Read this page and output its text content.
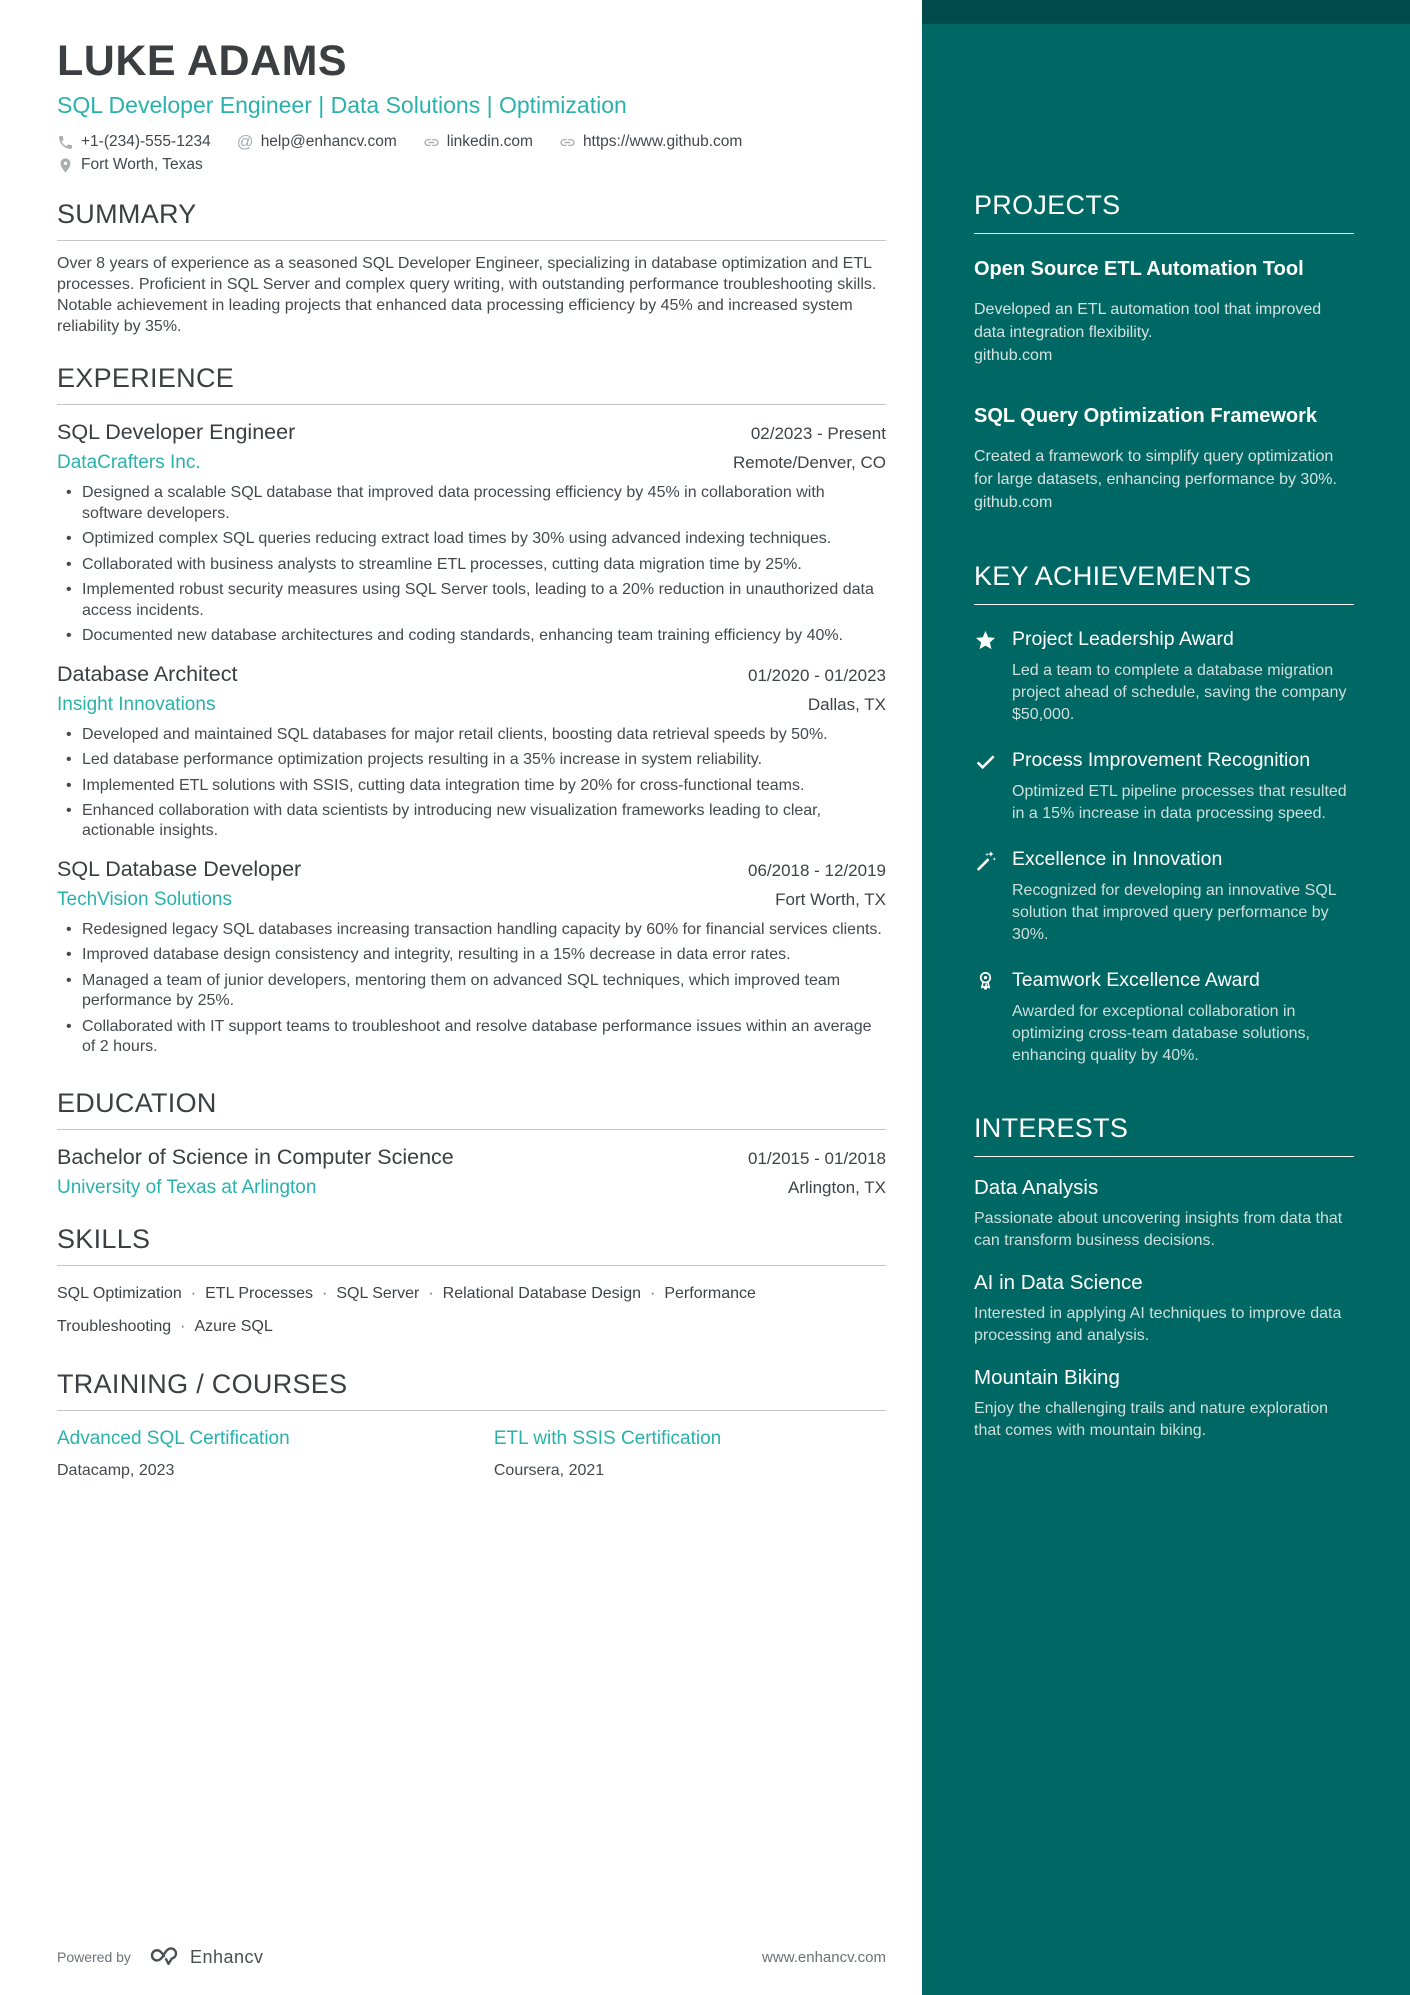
LUKE ADAMS
SQL Developer Engineer | Data Solutions | Optimization
+1-(234)-555-1234 @ help@enhancv.com	linkedin.com	https://www.github.com
Fort Worth, Texas
SUMMARY
Over 8 years of experience as a seasoned SQL Developer Engineer, specializing in database optimization and ETL processes. Proficient in SQL Server and complex query writing, with outstanding performance troubleshooting skills. Notable achievement in leading projects that enhanced data processing efficiency by 45% and increased system reliability by 35%.
EXPERIENCE
SQL Developer Engineer	02/2023 - Present
DataCrafters Inc.	Remote/Denver, CO
• Designed a scalable SQL database that improved data processing efficiency by 45% in collaboration with software developers.
• Optimized complex SQL queries reducing extract load times by 30% using advanced indexing techniques.
• Collaborated with business analysts to streamline ETL processes, cutting data migration time by 25%.
• Implemented robust security measures using SQL Server tools, leading to a 20% reduction in unauthorized data access incidents.
• Documented new database architectures and coding standards, enhancing team training efficiency by 40%.
Database Architect	01/2020 - 01/2023
Insight Innovations	Dallas, TX
• Developed and maintained SQL databases for major retail clients, boosting data retrieval speeds by 50%.
• Led database performance optimization projects resulting in a 35% increase in system reliability.
• Implemented ETL solutions with SSIS, cutting data integration time by 20% for cross-functional teams.
• Enhanced collaboration with data scientists by introducing new visualization frameworks leading to clear, actionable insights.
SQL Database Developer	06/2018 - 12/2019
TechVision Solutions	Fort Worth, TX
• Redesigned legacy SQL databases increasing transaction handling capacity by 60% for financial services clients.
• Improved database design consistency and integrity, resulting in a 15% decrease in data error rates.
• Managed a team of junior developers, mentoring them on advanced SQL techniques, which improved team performance by 25%.
• Collaborated with IT support teams to troubleshoot and resolve database performance issues within an average of 2 hours.
EDUCATION
Bachelor of Science in Computer Science	01/2015 - 01/2018
University of Texas at Arlington	Arlington, TX
SKILLS
SQL Optimization · ETL Processes · SQL Server · Relational Database Design · Performance Troubleshooting · Azure SQL
TRAINING / COURSES
Advanced SQL Certification
Datacamp, 2023
ETL with SSIS Certification
Coursera, 2021
Powered by	Enhancv	www.enhancv.com
PROJECTS
Open Source ETL Automation Tool
Developed an ETL automation tool that improved data integration flexibility.
github.com
SQL Query Optimization Framework
Created a framework to simplify query optimization for large datasets, enhancing performance by 30%.
github.com
KEY ACHIEVEMENTS
Project Leadership Award
Led a team to complete a database migration project ahead of schedule, saving the company $50,000.
Process Improvement Recognition
Optimized ETL pipeline processes that resulted in a 15% increase in data processing speed.
Excellence in Innovation
Recognized for developing an innovative SQL solution that improved query performance by 30%.
Teamwork Excellence Award
Awarded for exceptional collaboration in optimizing cross-team database solutions, enhancing quality by 40%.
INTERESTS
Data Analysis
Passionate about uncovering insights from data that can transform business decisions.
AI in Data Science
Interested in applying AI techniques to improve data processing and analysis.
Mountain Biking
Enjoy the challenging trails and nature exploration that comes with mountain biking.
